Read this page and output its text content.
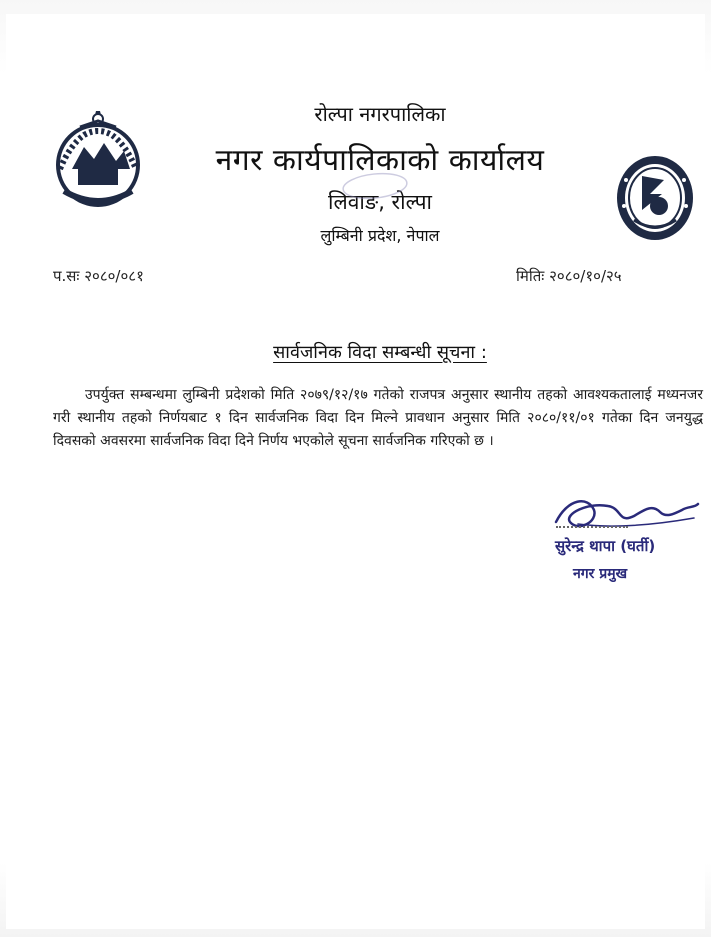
रोल्पा नगरपालिका
नगर कार्यपालिकाको कार्यालय
लिवाङ, रोल्पा
लुम्बिनी प्रदेश, नेपाल
प.सः २०८०/०८१	मितिः २०८०/१०/२५
सार्वजनिक विदा सम्बन्धी सूचना :

उपर्युक्त सम्बन्धमा लुम्बिनी प्रदेशको मिति २०७९/१२/१७ गतेको राजपत्र अनुसार स्थानीय तहको आवश्यकतालाई मध्यनजर गरी स्थानीय तहको निर्णयबाट १ दिन सार्वजनिक विदा दिन मिल्ने प्रावधान अनुसार मिति २०८०/११/०१ गतेका दिन जनयुद्ध दिवसको अवसरमा सार्वजनिक विदा दिने निर्णय भएकोले सूचना सार्वजनिक गरिएको छ ।

सुरेन्द्र थापा (घर्ती)
नगर प्रमुख
